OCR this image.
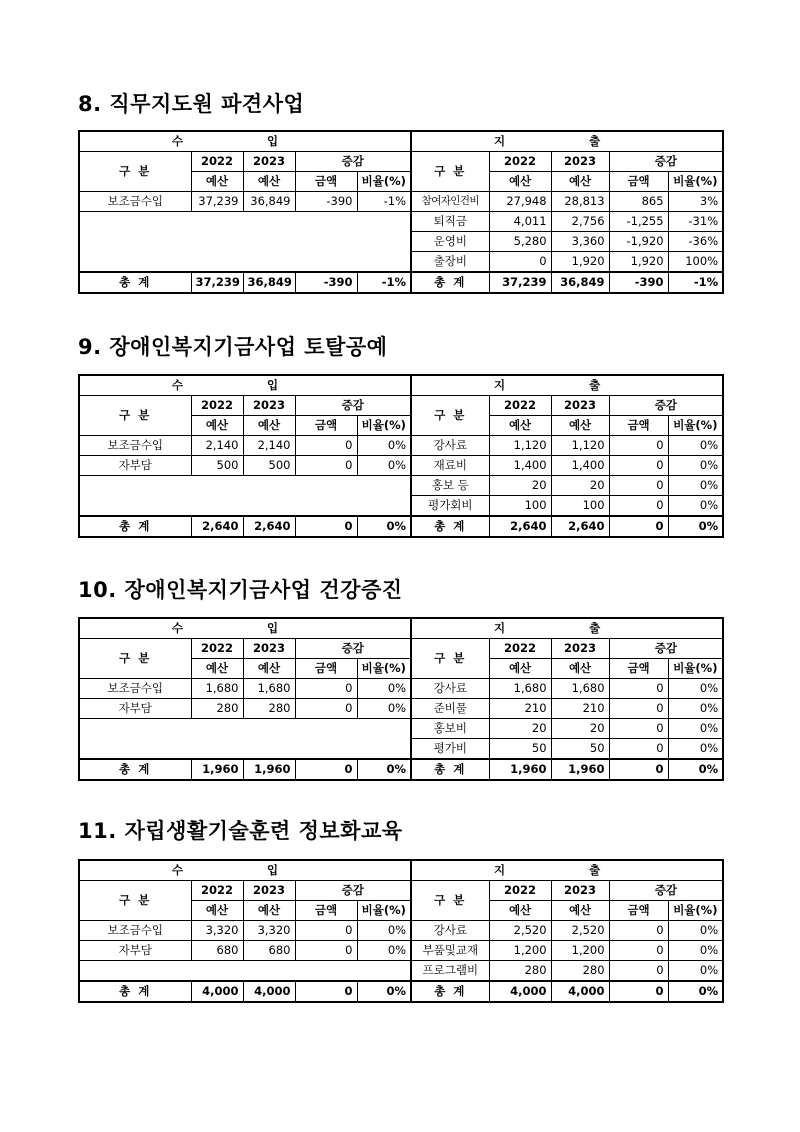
8. 직무지도원 파견사업
수 입					지 출				
구 분	2022	2023	증감		구 분	2022	2023	증감	
	예산	예산	금액	비율(%)		예산	예산	금액	비율(%)
보조금수입	37,239	36,849	-390	-1%	참여자인건비	27,948	28,813	865	3%
					퇴직금	4,011	2,756	-1,255	-31%
					운영비	5,280	3,360	-1,920	-36%
					출장비	0	1,920	1,920	100%
총 계	37,239	36,849	-390	-1%	총 계	37,239	36,849	-390	-1%
9. 장애인복지기금사업 토탈공예
수 입					지 출				
구 분	2022	2023	증감		구 분	2022	2023	증감	
	예산	예산	금액	비율(%)		예산	예산	금액	비율(%)
보조금수입	2,140	2,140	0	0%	강사료	1,120	1,120	0	0%
자부담	500	500	0	0%	재료비	1,400	1,400	0	0%
					홍보 등	20	20	0	0%
					평가회비	100	100	0	0%
총 계	2,640	2,640	0	0%	총 계	2,640	2,640	0	0%
10. 장애인복지기금사업 건강증진
수 입					지 출				
구 분	2022	2023	증감		구 분	2022	2023	증감	
	예산	예산	금액	비율(%)		예산	예산	금액	비율(%)
보조금수입	1,680	1,680	0	0%	강사료	1,680	1,680	0	0%
자부담	280	280	0	0%	준비물	210	210	0	0%
					홍보비	20	20	0	0%
					평가비	50	50	0	0%
총 계	1,960	1,960	0	0%	총 계	1,960	1,960	0	0%
11. 자립생활기술훈련 정보화교육
수 입					지 출				
구 분	2022	2023	증감		구 분	2022	2023	증감	
	예산	예산	금액	비율(%)		예산	예산	금액	비율(%)
보조금수입	3,320	3,320	0	0%	강사료	2,520	2,520	0	0%
자부담	680	680	0	0%	부품및교재	1,200	1,200	0	0%
					프로그램비	280	280	0	0%
총 계	4,000	4,000	0	0%	총 계	4,000	4,000	0	0%
